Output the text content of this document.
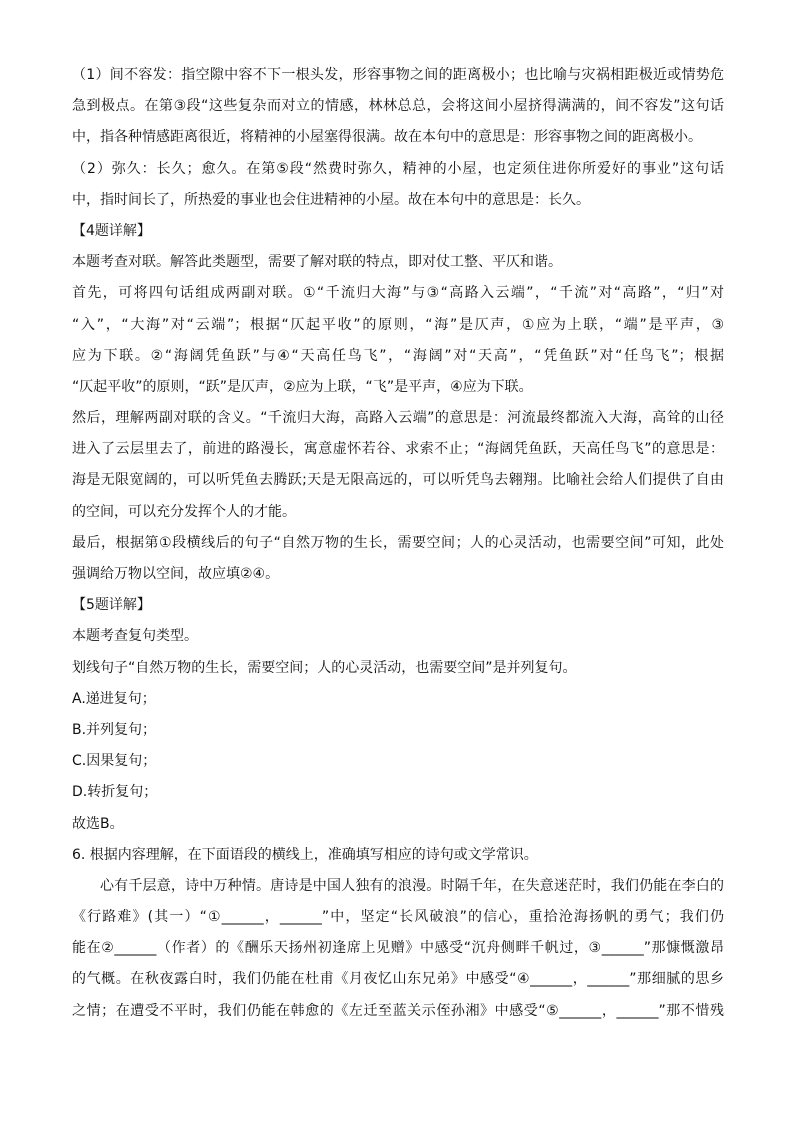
（1）间不容发：指空隙中容不下一根头发，形容事物之间的距离极小；也比喻与灾祸相距极近或情势危
急到极点。在第③段“这些复杂而对立的情感，林林总总，会将这间小屋挤得满满的，间不容发”这句话
中，指各种情感距离很近，将精神的小屋塞得很满。故在本句中的意思是：形容事物之间的距离极小。
（2）弥久：长久；愈久。在第⑤段“然费时弥久，精神的小屋，也定须住进你所爱好的事业”这句话
中，指时间长了，所热爱的事业也会住进精神的小屋。故在本句中的意思是：长久。
【4题详解】
本题考查对联。解答此类题型，需要了解对联的特点，即对仗工整、平仄和谐。
首先，可将四句话组成两副对联。①“千流归大海”与③“高路入云端”，“千流”对“高路”，“归”对
“入”，“大海”对“云端”；根据“仄起平收”的原则，“海”是仄声，①应为上联，“端”是平声，③
应为下联。②“海阔凭鱼跃”与④“天高任鸟飞”，“海阔”对“天高”，“凭鱼跃”对“任鸟飞”；根据
“仄起平收”的原则，“跃”是仄声，②应为上联，“飞”是平声，④应为下联。
然后，理解两副对联的含义。“千流归大海，高路入云端”的意思是：河流最终都流入大海，高耸的山径
进入了云层里去了，前进的路漫长，寓意虚怀若谷、求索不止；“海阔凭鱼跃，天高任鸟飞”的意思是：
海是无限宽阔的，可以听凭鱼去腾跃;天是无限高远的，可以听凭鸟去翱翔。比喻社会给人们提供了自由
的空间，可以充分发挥个人的才能。
最后，根据第①段横线后的句子“自然万物的生长，需要空间；人的心灵活动，也需要空间”可知，此处
强调给万物以空间，故应填②④。
【5题详解】
本题考查复句类型。
划线句子“自然万物的生长，需要空间；人的心灵活动，也需要空间”是并列复句。
A.递进复句；
B.并列复句；
C.因果复句；
D.转折复句；
故选B。
6. 根据内容理解，在下面语段的横线上，准确填写相应的诗句或文学常识。
心有千层意，诗中万种情。唐诗是中国人独有的浪漫。时隔千年，在失意迷茫时，我们仍能在李白的
《行路难》(其一）“①______，______”中，坚定“长风破浪”的信心，重拾沧海扬帆的勇气；我们仍
能在②______（作者）的《酬乐天扬州初逢席上见赠》中感受“沉舟侧畔千帆过，③______”那慷慨激昂
的气概。在秋夜露白时，我们仍能在杜甫《月夜忆山东兄弟》中感受“④______，______”那细腻的思乡
之情；在遭受不平时，我们仍能在韩愈的《左迁至蓝关示侄孙湘》中感受“⑤______，______”那不惜残
